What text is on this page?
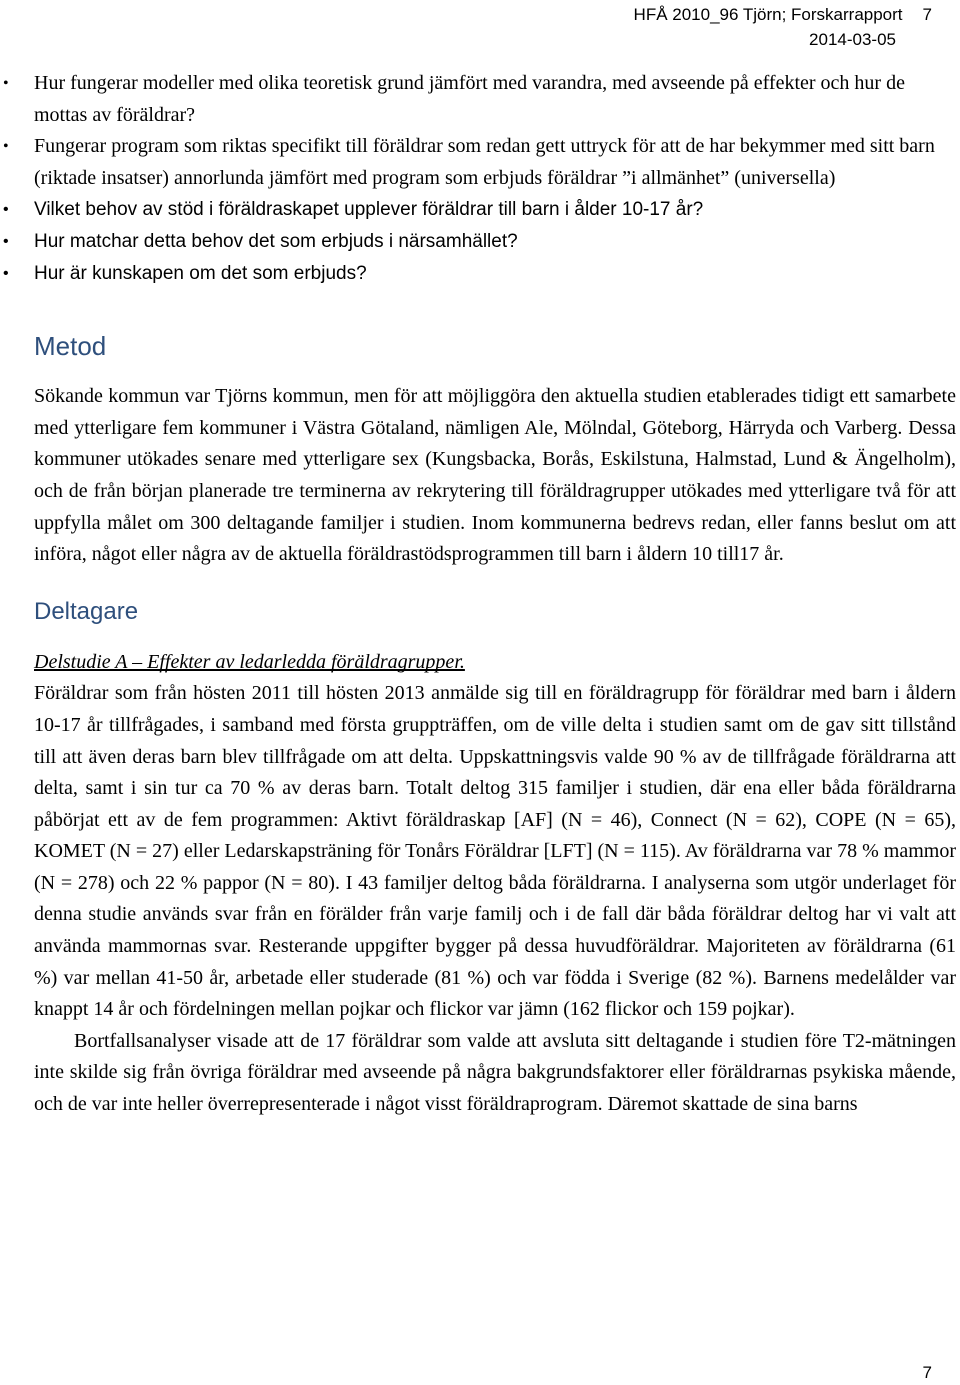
HFÅ 2010_96 Tjörn; Forskarrapport 7
2014-03-05
• Hur fungerar modeller med olika teoretisk grund jämfört med varandra, med avseende på effekter och hur de mottas av föräldrar?
• Fungerar program som riktas specifikt till föräldrar som redan gett uttryck för att de har bekymmer med sitt barn (riktade insatser) annorlunda jämfört med program som erbjuds föräldrar ”i allmänhet” (universella)
• Vilket behov av stöd i föräldraskapet upplever föräldrar till barn i ålder 10-17 år?
• Hur matchar detta behov det som erbjuds i närsamhället?
• Hur är kunskapen om det som erbjuds?
Metod

Sökande kommun var Tjörns kommun, men för att möjliggöra den aktuella studien etablerades tidigt ett samarbete med ytterligare fem kommuner i Västra Götaland, nämligen Ale, Mölndal, Göteborg, Härryda och Varberg. Dessa kommuner utökades senare med ytterligare sex (Kungsbacka, Borås, Eskilstuna, Halmstad, Lund & Ängelholm), och de från början planerade tre terminerna av rekrytering till föräldragrupper utökades med ytterligare två för att uppfylla målet om 300 deltagande familjer i studien. Inom kommunerna bedrevs redan, eller fanns beslut om att införa, något eller några av de aktuella föräldrastödsprogrammen till barn i åldern 10 till17 år.

Deltagare

Delstudie A – Effekter av ledarledda föräldragrupper.

Föräldrar som från hösten 2011 till hösten 2013 anmälde sig till en föräldragrupp för föräldrar med barn i åldern 10-17 år tillfrågades, i samband med första gruppträffen, om de ville delta i studien samt om de gav sitt tillstånd till att även deras barn blev tillfrågade om att delta. Uppskattningsvis valde 90 % av de tillfrågade föräldrarna att delta, samt i sin tur ca 70 % av deras barn. Totalt deltog 315 familjer i studien, där ena eller båda föräldrarna påbörjat ett av de fem programmen: Aktivt föräldraskap [AF] (N = 46), Connect (N = 62), COPE (N = 65), KOMET (N = 27) eller Ledarskapsträning för Tonårs Föräldrar [LFT] (N = 115). Av föräldrarna var 78 % mammor (N = 278) och 22 % pappor (N = 80). I 43 familjer deltog båda föräldrarna. I analyserna som utgör underlaget för denna studie används svar från en förälder från varje familj och i de fall där båda föräldrar deltog har vi valt att använda mammornas svar. Resterande uppgifter bygger på dessa huvudföräldrar. Majoriteten av föräldrarna (61 %) var mellan 41-50 år, arbetade eller studerade (81 %) och var födda i Sverige (82 %). Barnens medelålder var knappt 14 år och fördelningen mellan pojkar och flickor var jämn (162 flickor och 159 pojkar).

Bortfallsanalyser visade att de 17 föräldrar som valde att avsluta sitt deltagande i studien före T2-mätningen inte skilde sig från övriga föräldrar med avseende på några bakgrundsfaktorer eller föräldrarnas psykiska mående, och de var inte heller överrepresenterade i något visst föräldraprogram. Däremot skattade de sina barns

7
